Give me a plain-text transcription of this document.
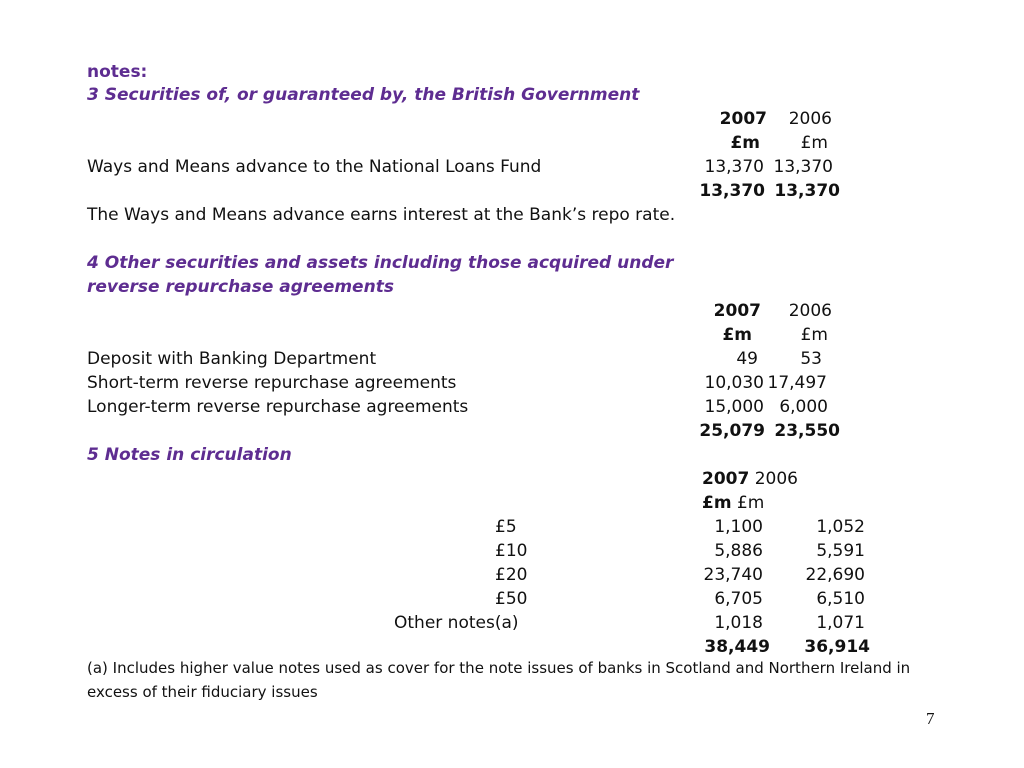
notes:
3 Securities of, or guaranteed by, the British Government
2007	2006
£m	£m
Ways and Means advance to the National Loans Fund	13,370 13,370
13,370 13,370
The Ways and Means advance earns interest at the Bank’s repo rate.
4 Other securities and assets including those acquired under
reverse repurchase agreements
2007	2006
£m	£m
Deposit with Banking Department	49	53
Short-term reverse repurchase agreements	10,030 17,497
Longer-term reverse repurchase agreements	15,000 6,000
25,079 23,550
5 Notes in circulation
2007 2006
£m £m
£5	1,100	1,052
£10	5,886	5,591
£20	23,740	22,690
£50	6,705	6,510
Other notes(a)	1,018	1,071
38,449	36,914
(a) Includes higher value notes used as cover for the note issues of banks in Scotland and Northern Ireland in
excess of their fiduciary issues
7
